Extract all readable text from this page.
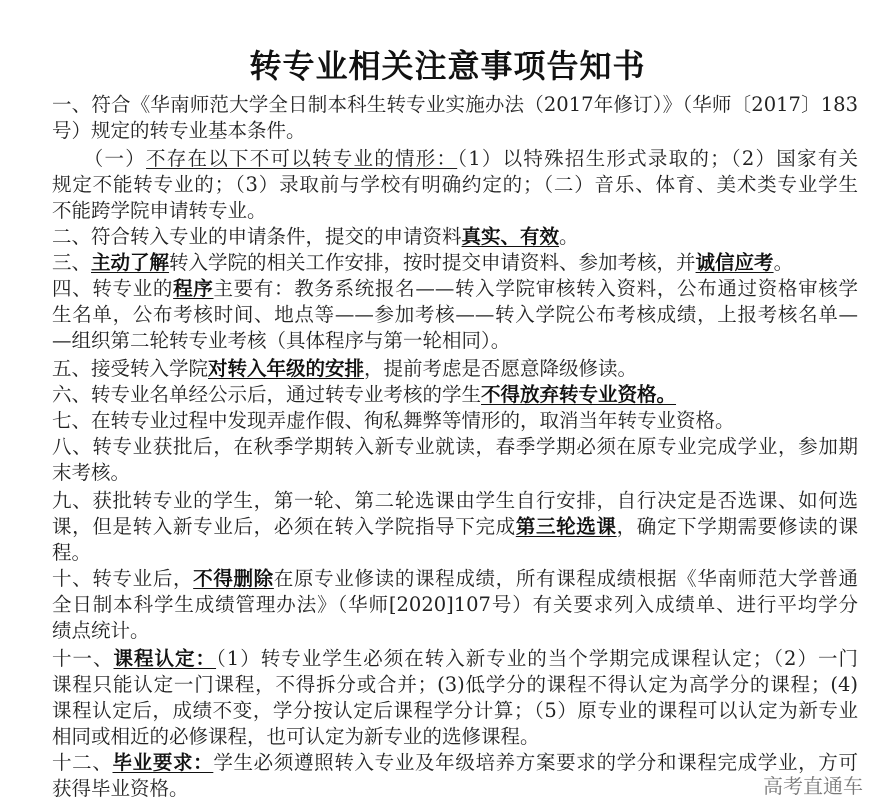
转专业相关注意事项告知书
一、符合《华南师范大学全日制本科生转专业实施办法（2017年修订）》（华师〔2017〕183
号）规定的转专业基本条件。
　　（一）不存在以下不可以转专业的情形：（1）以特殊招生形式录取的；（2）国家有关
规定不能转专业的；（3）录取前与学校有明确约定的；（二）音乐、体育、美术类专业学生
不能跨学院申请转专业。
二、符合转入专业的申请条件，提交的申请资料真实、有效。
三、主动了解转入学院的相关工作安排，按时提交申请资料、参加考核，并诚信应考。
四、转专业的程序主要有：教务系统报名——转入学院审核转入资料，公布通过资格审核学
生名单，公布考核时间、地点等——参加考核——转入学院公布考核成绩，上报考核名单—
—组织第二轮转专业考核（具体程序与第一轮相同）。
五、接受转入学院对转入年级的安排，提前考虑是否愿意降级修读。
六、转专业名单经公示后，通过转专业考核的学生不得放弃转专业资格。
七、在转专业过程中发现弄虚作假、徇私舞弊等情形的，取消当年转专业资格。
八、转专业获批后，在秋季学期转入新专业就读，春季学期必须在原专业完成学业，参加期
末考核。
九、获批转专业的学生，第一轮、第二轮选课由学生自行安排，自行决定是否选课、如何选
课，但是转入新专业后，必须在转入学院指导下完成第三轮选课，确定下学期需要修读的课
程。
十、转专业后，不得删除在原专业修读的课程成绩，所有课程成绩根据《华南师范大学普通
全日制本科学生成绩管理办法》（华师[2020]107号）有关要求列入成绩单、进行平均学分
绩点统计。
十一、课程认定：（1）转专业学生必须在转入新专业的当个学期完成课程认定；（2）一门
课程只能认定一门课程，不得拆分或合并；(3)低学分的课程不得认定为高学分的课程；(4)
课程认定后，成绩不变，学分按认定后课程学分计算；（5）原专业的课程可以认定为新专业
相同或相近的必修课程，也可认定为新专业的选修课程。
十二、毕业要求：学生必须遵照转入专业及年级培养方案要求的学分和课程完成学业，方可
获得毕业资格。	高考直通车
